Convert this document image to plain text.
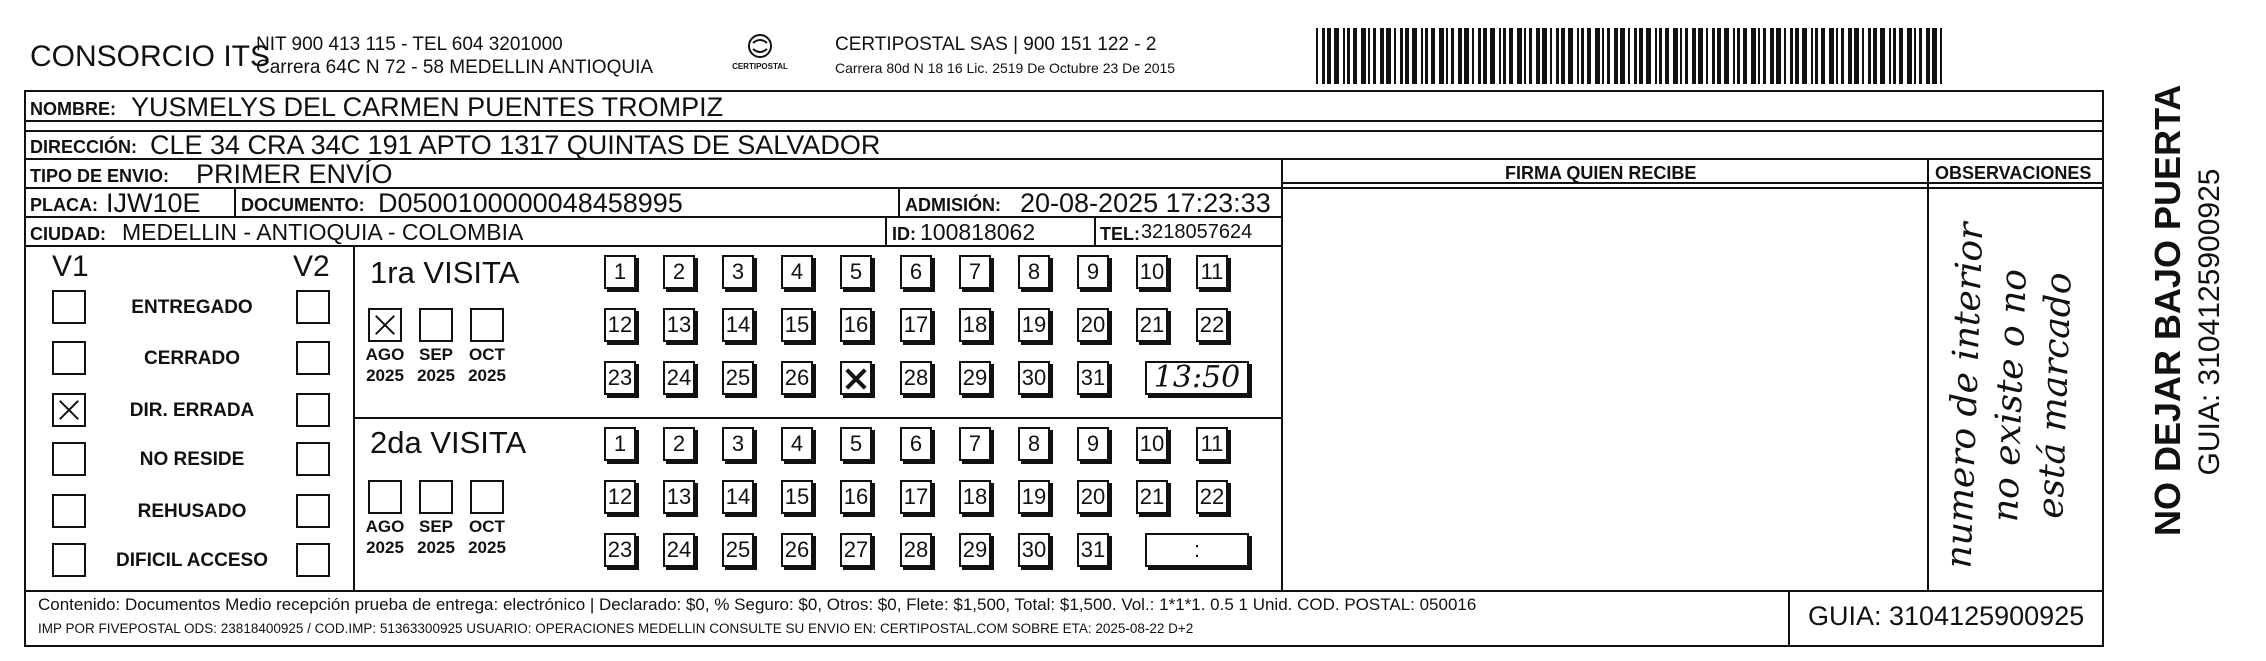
CONSORCIO ITS
NIT 900 413 115 - TEL 604 3201000
Carrera 64C N 72 - 58 MEDELLIN ANTIOQUIA	CERTIPOSTAL
CERTIPOSTAL SAS | 900 151 122 - 2
Carrera 80d N 18 16 Lic. 2519 De Octubre 23 De 2015
NOMBRE: YUSMELYS DEL CARMEN PUENTES TROMPIZ
DIRECCIÓN: CLE 34 CRA 34C 191 APTO 1317 QUINTAS DE SALVADOR
TIPO DE ENVIO: PRIMER ENVÍO	FIRMA QUIEN RECIBE	OBSERVACIONES
PLACA: IJW10E DOCUMENTO: D0500100000048458995	ADMISIÓN: 20-08-2025 17:23:33
CIUDAD: MEDELLIN - ANTIOQUIA - COLOMBIA	ID: 100818062	TEL: 3218057624
V1	V2
ENTREGADO
CERRADO
DIR. ERRADA
NO RESIDE
REHUSADO
DIFICIL ACCESO
1ra VISITA
AGO
2025
SEP
2025
OCT
2025
1	2	3	4	5	6	7	8	9	10 11
12 13 14 15 16 17 18 19 20 21 22
23 24 25 26	28 29 30 31 13:50
2da VISITA
AGO
2025
SEP
2025
OCT
2025
1	2	3	4	5	6	7	8	9	10 11
12 13 14 15 16 17 18 19 20 21 22
23 24 25 26 27 28 29 30 31	:	numero de interior
no existe o no
está marcado NO DEJAR BAJO PUERTA GUIA: 3104125900925
Contenido: Documentos Medio recepción prueba de entrega: electrónico | Declarado: $0, % Seguro: $0, Otros: $0, Flete: $1,500, Total: $1,500. Vol.: 1*1*1. 0.5 1 Unid. COD. POSTAL: 050016
IMP POR FIVEPOSTAL ODS: 23818400925 / COD.IMP: 51363300925 USUARIO: OPERACIONES MEDELLIN CONSULTE SU ENVIO EN: CERTIPOSTAL.COM SOBRE ETA: 2025-08-22 D+2	GUIA: 3104125900925
